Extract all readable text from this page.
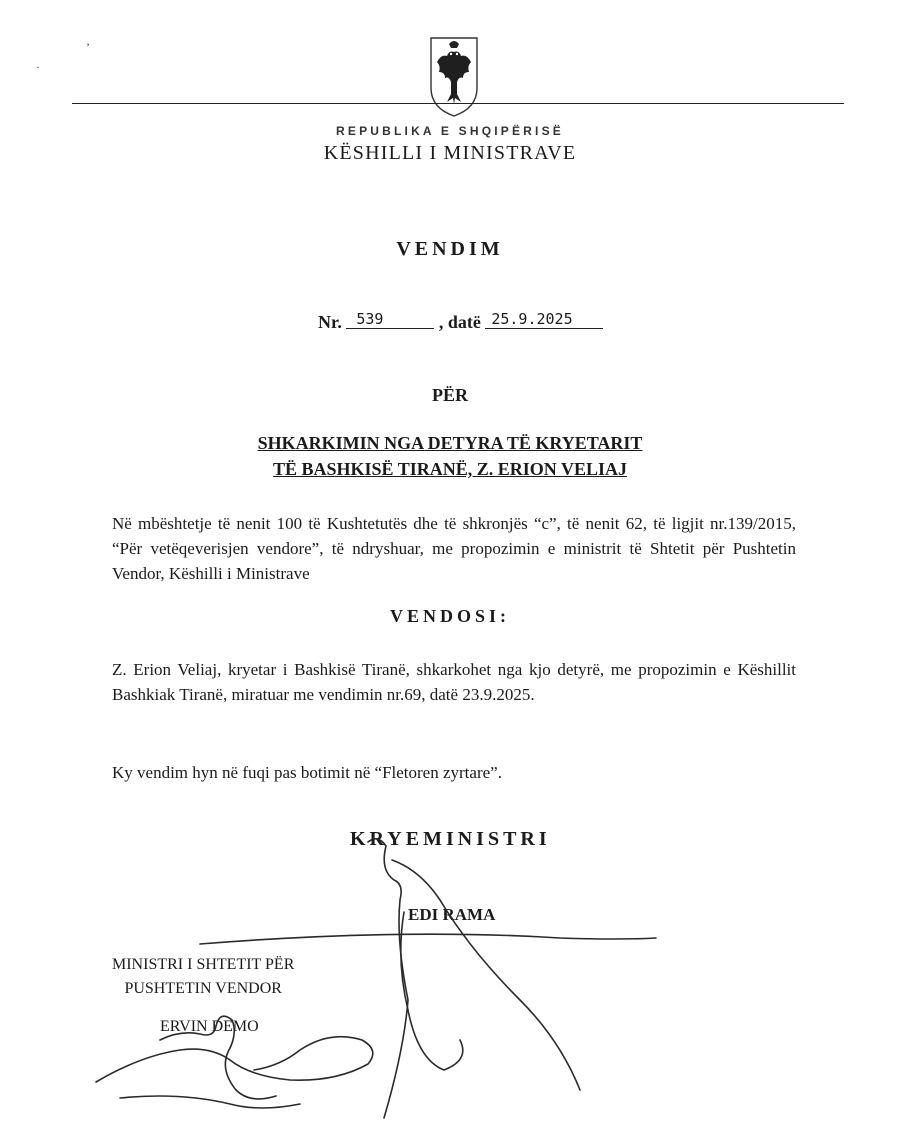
’
·
REPUBLIKA E SHQIPËRISË
KËSHILLI I MINISTRAVE
VENDIM
Nr. 539	, datë 25.9.2025
PËR
SHKARKIMIN NGA DETYRA TË KRYETARIT
TË BASHKISË TIRANË, Z. ERION VELIAJ
Në mbështetje të nenit 100 të Kushtetutës dhe të shkronjës “c”, të nenit 62, të ligjit nr.139/2015, “Për vetëqeverisjen vendore”, të ndryshuar, me propozimin e ministrit të Shtetit për Pushtetin Vendor, Këshilli i Ministrave
VENDOSI:
Z. Erion Veliaj, kryetar i Bashkisë Tiranë, shkarkohet nga kjo detyrë, me propozimin e Këshillit Bashkiak Tiranë, miratuar me vendimin nr.69, datë 23.9.2025.
Ky vendim hyn në fuqi pas botimit në “Fletoren zyrtare”.
KRYEMINISTRI
EDI RAMA
MINISTRI I SHTETIT PËR
PUSHTETIN VENDOR
ERVIN DEMO
